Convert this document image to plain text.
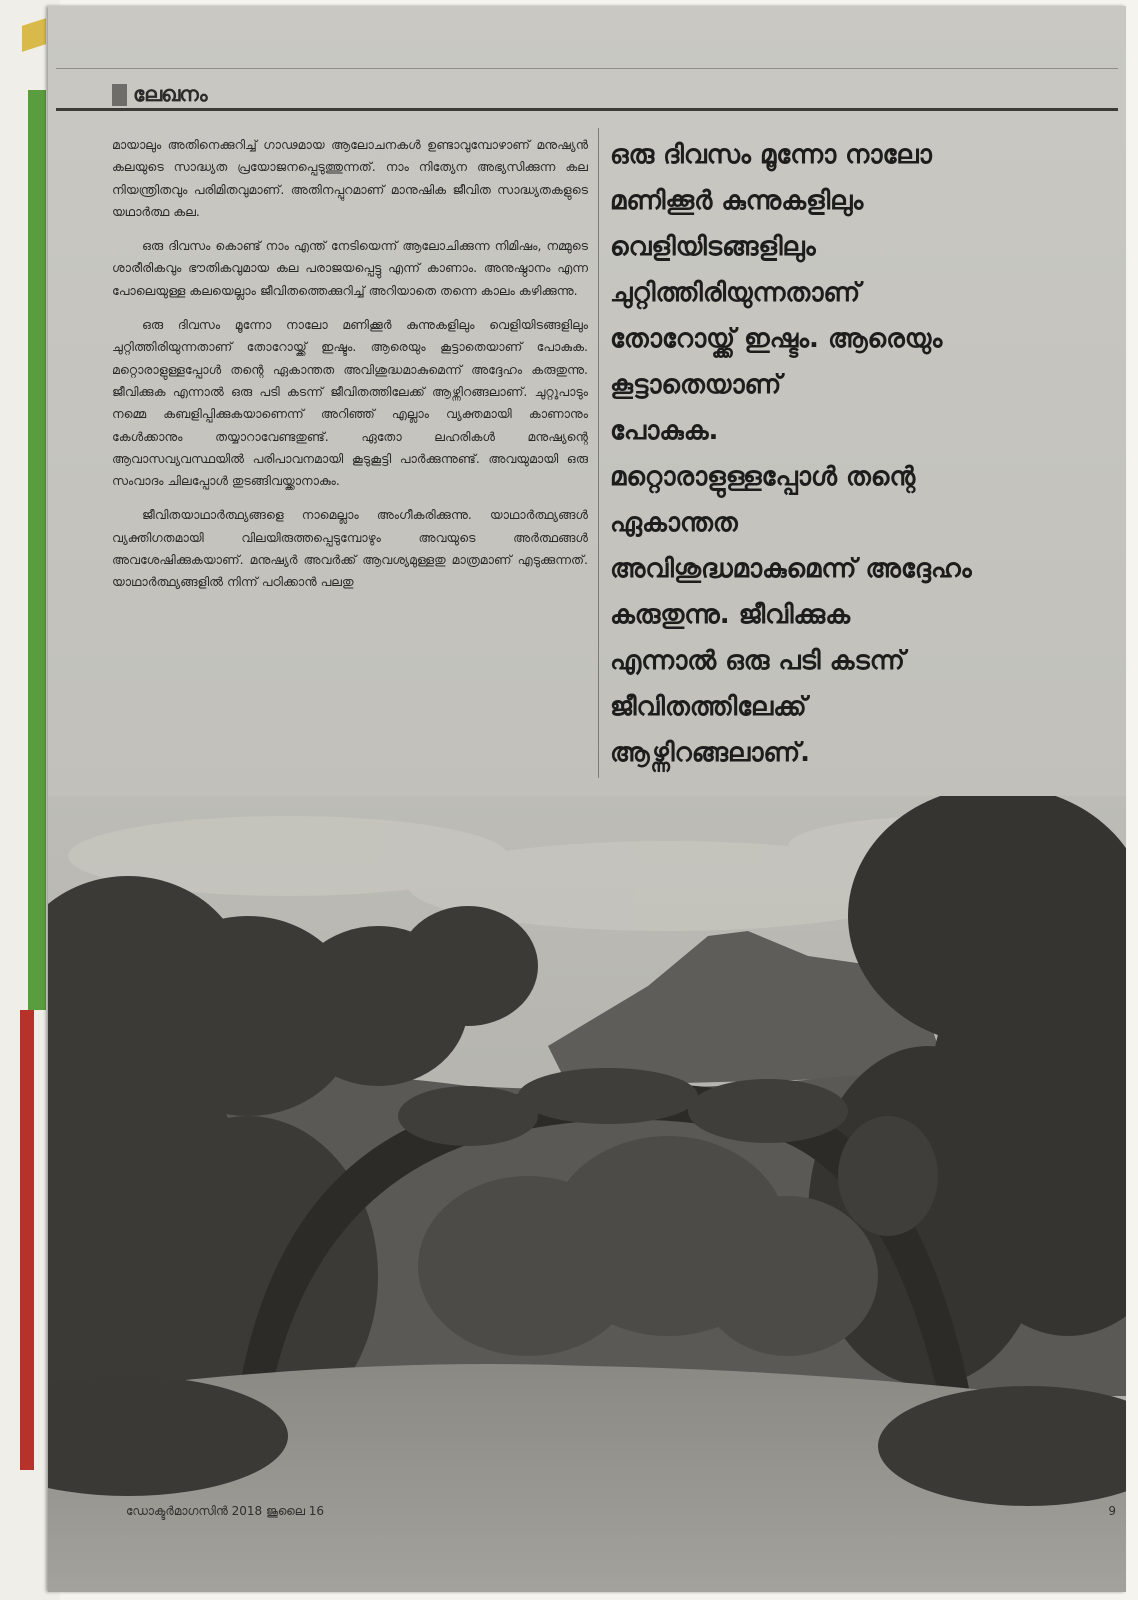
ലേഖനം

മായാലും അതിനെക്കുറിച്ച് ഗാഢമായ ആലോചനകൾ ഉണ്ടാവുമ്പോഴാണ് മനുഷ്യൻ കലയുടെ സാദ്ധ്യത പ്രയോജനപ്പെടുത്തുന്നത്. നാം നിത്യേന അഭ്യസിക്കുന്ന കല നിയന്ത്രിതവും പരിമിതവുമാണ്. അതിനപ്പുറമാണ് മാനുഷിക ജീവിത സാദ്ധ്യതകളുടെ യഥാർത്ഥ കല.

ഒരു ദിവസം കൊണ്ട് നാം എന്ത് നേടിയെന്ന് ആലോചിക്കുന്ന നിമിഷം, നമ്മുടെ ശാരീരികവും ഭൗതികവുമായ കല പരാജയപ്പെട്ടു എന്ന് കാണാം. അനുഷ്ഠാനം എന്ന പോലെയുള്ള കലയെല്ലാം ജീവിതത്തെക്കുറിച്ച് അറിയാതെ തന്നെ കാലം കഴിക്കുന്നു.

ഒരു ദിവസം മൂന്നോ നാലോ മണിക്കൂർ കുന്നുകളിലും വെളിയിടങ്ങളിലും ചുറ്റിത്തിരിയുന്നതാണ് തോറോയ്ക്ക് ഇഷ്ടം. ആരെയും കൂട്ടാതെയാണ് പോകുക. മറ്റൊരാളുള്ളപ്പോൾ തന്റെ ഏകാന്തത അവിശുദ്ധമാകുമെന്ന് അദ്ദേഹം കരുതുന്നു. ജീവിക്കുക എന്നാൽ ഒരു പടി കടന്ന് ജീവിതത്തിലേക്ക് ആഴ്ന്നിറങ്ങലാണ്. ചുറ്റുപാടും നമ്മെ കബളിപ്പിക്കുകയാണെന്ന് അറിഞ്ഞ് എല്ലാം വ്യക്തമായി കാണാനും കേൾക്കാനും തയ്യാറാവേണ്ടതുണ്ട്. ഏതോ ലഹരികൾ മനുഷ്യന്റെ ആവാസവ്യവസ്ഥയിൽ പരിപാവനമായി കൂടുകൂട്ടി പാർക്കുന്നുണ്ട്. അവയുമായി ഒരു സംവാദം ചിലപ്പോൾ തുടങ്ങിവയ്ക്കാനാകും.

ജീവിതയാഥാർത്ഥ്യങ്ങളെ നാമെല്ലാം അംഗീകരിക്കുന്നു. യാഥാർത്ഥ്യങ്ങൾ വ്യക്തിഗതമായി വിലയിരുത്തപ്പെടുമ്പോഴും അവയുടെ അർത്ഥങ്ങൾ അവശേഷിക്കുകയാണ്. മനുഷ്യർ അവർക്ക് ആവശ്യമുള്ളതു മാത്രമാണ് എടുക്കുന്നത്. യാഥാർത്ഥ്യങ്ങളിൽ നിന്ന് പഠിക്കാൻ പലതു

ഒരു ദിവസം മൂന്നോ നാലോ
മണിക്കൂർ കുന്നുകളിലും
വെളിയിടങ്ങളിലും
ചുറ്റിത്തിരിയുന്നതാണ്
തോറോയ്ക്ക് ഇഷ്ടം. ആരെയും
കൂട്ടാതെയാണ്
പോകുക.
മറ്റൊരാളുള്ളപ്പോൾ തന്റെ
ഏകാന്തത
അവിശുദ്ധമാകുമെന്ന് അദ്ദേഹം
കരുതുന്നു. ജീവിക്കുക
എന്നാൽ ഒരു പടി കടന്ന്
ജീവിതത്തിലേക്ക്
ആഴ്ന്നിറങ്ങലാണ്.
ഡോക്ടർമാഗസിൻ 2018 ജൂലൈ 16	9
